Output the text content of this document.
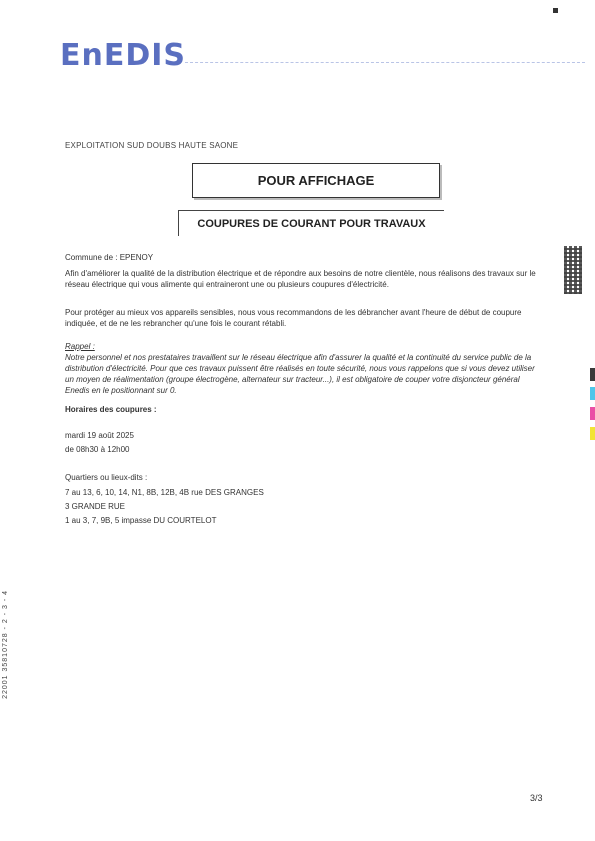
EnEDIS
EXPLOITATION SUD DOUBS HAUTE SAONE
POUR AFFICHAGE
COUPURES DE COURANT POUR TRAVAUX
Commune de : EPENOY
Afin d'améliorer la qualité de la distribution électrique et de répondre aux besoins de notre clientèle, nous réalisons des travaux sur le réseau électrique qui vous alimente qui entraineront une ou plusieurs coupures d'électricité.
Pour protéger au mieux vos appareils sensibles, nous vous recommandons de les débrancher avant l'heure de début de coupure indiquée, et de ne les rebrancher qu'une fois le courant rétabli.
Rappel :
Notre personnel et nos prestataires travaillent sur le réseau électrique afin d'assurer la qualité et la continuité du service public de la distribution d'électricité. Pour que ces travaux puissent être réalisés en toute sécurité, nous vous rappelons que si vous devez utiliser un moyen de réalimentation (groupe électrogène, alternateur sur tracteur...), il est obligatoire de couper votre disjoncteur général Enedis en le positionnant sur 0.
Horaires des coupures :
mardi 19 août 2025
de 08h30 à 12h00
Quartiers ou lieux-dits :
7 au 13, 6, 10, 14, N1, 8B, 12B, 4B rue DES GRANGES
3 GRANDE RUE
1 au 3, 7, 9B, 5 impasse DU COURTELOT
22001 35810728 - 2 - 3 - 4
3/3
